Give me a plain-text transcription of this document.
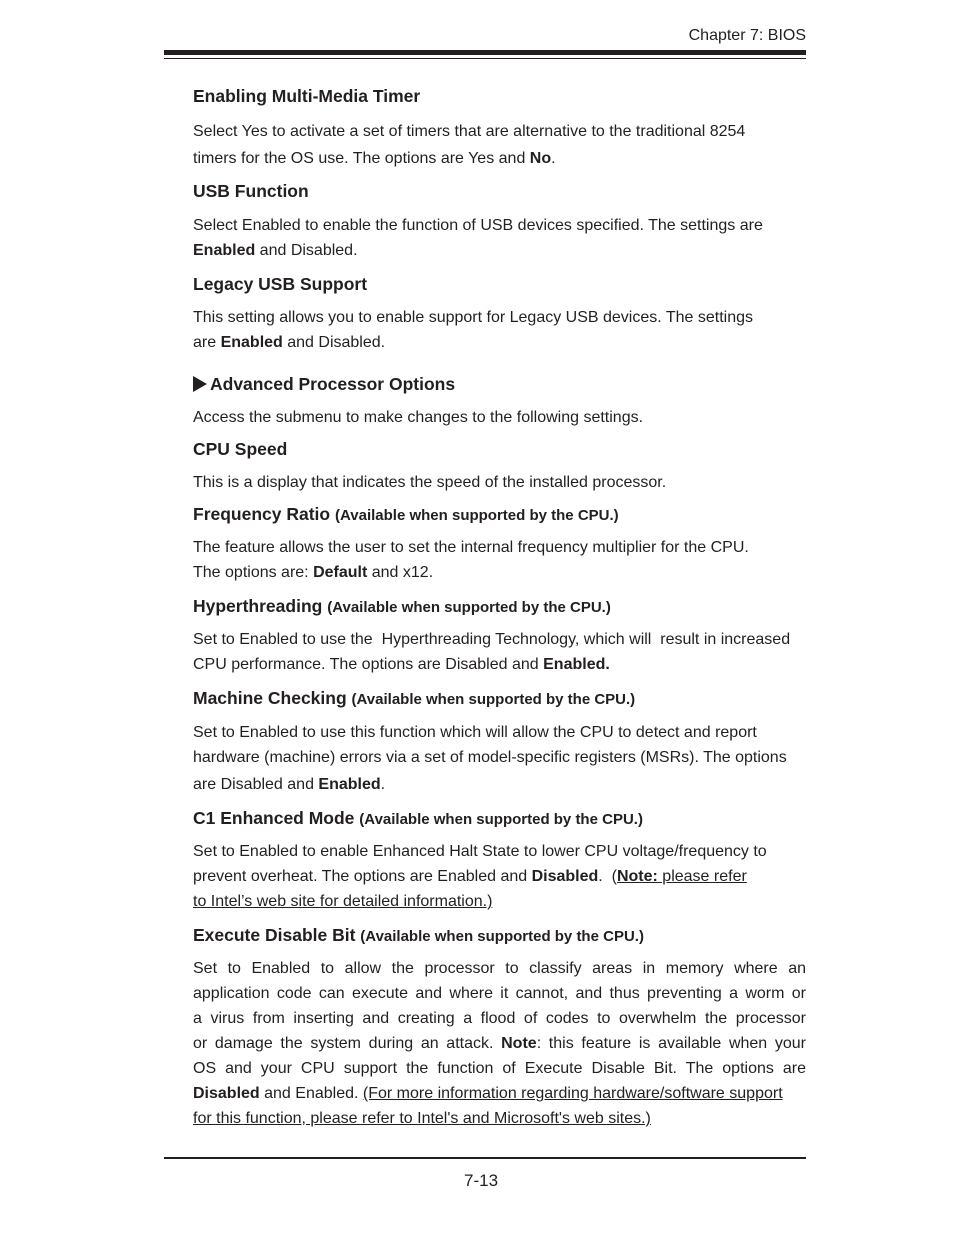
Chapter 7: BIOS
Enabling Multi-Media Timer

Select Yes to activate a set of timers that are alternative to the traditional 8254
timers for the OS use. The options are Yes and No.

USB Function

Select Enabled to enable the function of USB devices specified. The settings are
Enabled and Disabled.

Legacy USB Support

This setting allows you to enable support for Legacy USB devices. The settings
are Enabled and Disabled.

Advanced Processor Options

Access the submenu to make changes to the following settings.

CPU Speed

This is a display that indicates the speed of the installed processor.

Frequency Ratio (Available when supported by the CPU.)

The feature allows the user to set the internal frequency multiplier for the CPU.
The options are: Default and x12.

Hyperthreading (Available when supported by the CPU.)

Set to Enabled to use the  Hyperthreading Technology, which will  result in increased
CPU performance. The options are Disabled and Enabled.

Machine Checking (Available when supported by the CPU.)

Set to Enabled to use this function which will allow the CPU to detect and report
hardware (machine) errors via a set of model-specific registers (MSRs). The options
are Disabled and Enabled.

C1 Enhanced Mode (Available when supported by the CPU.)

Set to Enabled to enable Enhanced Halt State to lower CPU voltage/frequency to
prevent overheat. The options are Enabled and Disabled.  (Note: please refer
to Intel’s web site for detailed information.)

Execute Disable Bit (Available when supported by the CPU.)

Set to Enabled to allow the processor to classify areas in memory where an
application code can execute and where it cannot, and thus preventing a worm or
a virus from inserting and creating a flood of codes to overwhelm the processor
or damage the system during an attack. Note: this feature is available when your
OS and your CPU support the function of Execute Disable Bit. The options are
Disabled and Enabled. (For more information regarding hardware/software support
for this function, please refer to Intel's and Microsoft's web sites.)

7-13
